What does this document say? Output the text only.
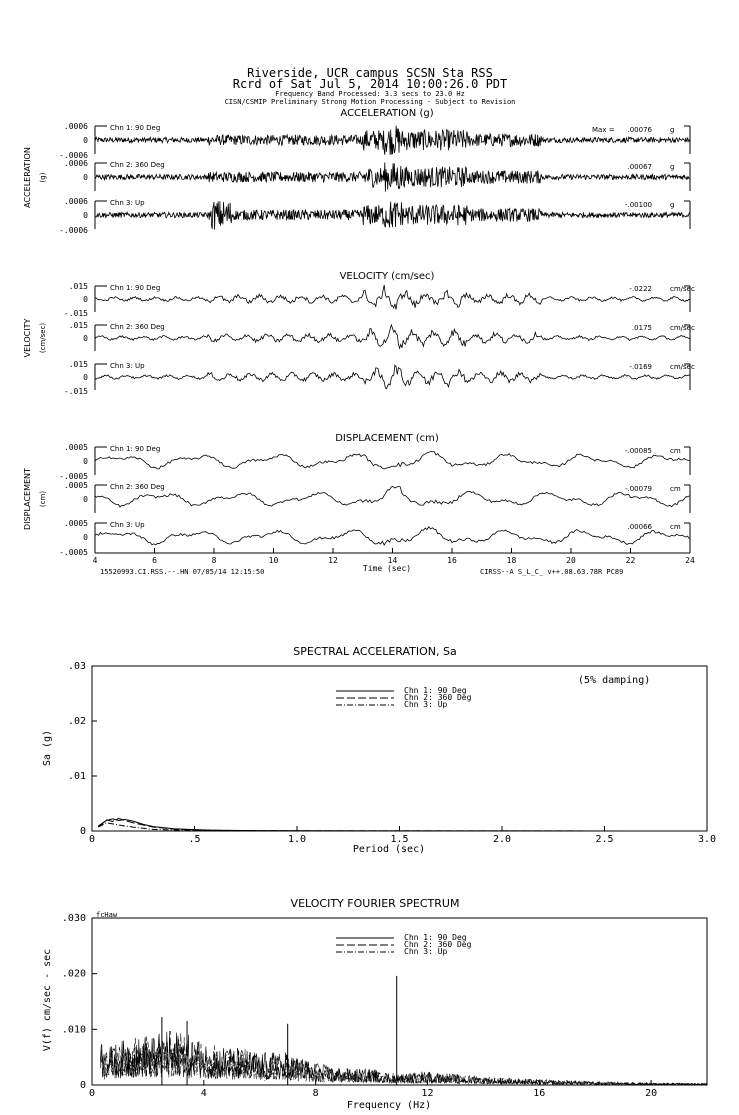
Riverside, UCR campus SCSN Sta RSS
Rcrd of Sat Jul 5, 2014 10:00:26.0 PDT
Frequency Band Processed: 3.3 secs to 23.0 Hz
CISN/CSMIP Preliminary Strong Motion Processing - Subject to Revision
ACCELERATION (g)
ACCELERATION (g)
.0006
0
-.0006
Chn 1: 90 Deg	Max = .00076	g
.0006
0
Chn 2: 360 Deg	.00067	g
.0006
0
-.0006
Chn 3: Up	-.00100	g
VELOCITY (cm/sec)
VELOCITY (cm/sec)
.015
0
-.015
Chn 1: 90 Deg	-.0222	cm/sec
.015
0
Chn 2: 360 Deg	.0175	cm/sec
.015
0
-.015
Chn 3: Up	-.0169	cm/sec
DISPLACEMENT (cm)
DISPLACEMENT (cm)
.0005
0
-.0005
Chn 1: 90 Deg	-.00085	cm
.0005
0
Chn 2: 360 Deg	-.00079	cm
.0005
0
-.0005
Chn 3: Up	.00066	cm
Time (sec)
15520993.CI.RSS.--.HN 07/05/14 12:15:50	CIRSS--A S_L_C_ v++.08.63.78R PC89
4	6	8	10	12	14	16	18	20	22	24
SPECTRAL ACCELERATION, Sa
(5% damping)
Sa (g)
Period (sec)
0	.5	1.0	1.5	2.0	2.5	3.0
0
.01
.02
.03
Chn 1: 90 Deg
Chn 2: 360 Deg
Chn 3: Up
VELOCITY FOURIER SPECTRUM
fcHaw
V(f) cm/sec - sec
Frequency (Hz)
0	4	8	12	16	20
0
.010
.020
.030
Chn 1: 90 Deg
Chn 2: 360 Deg
Chn 3: Up
